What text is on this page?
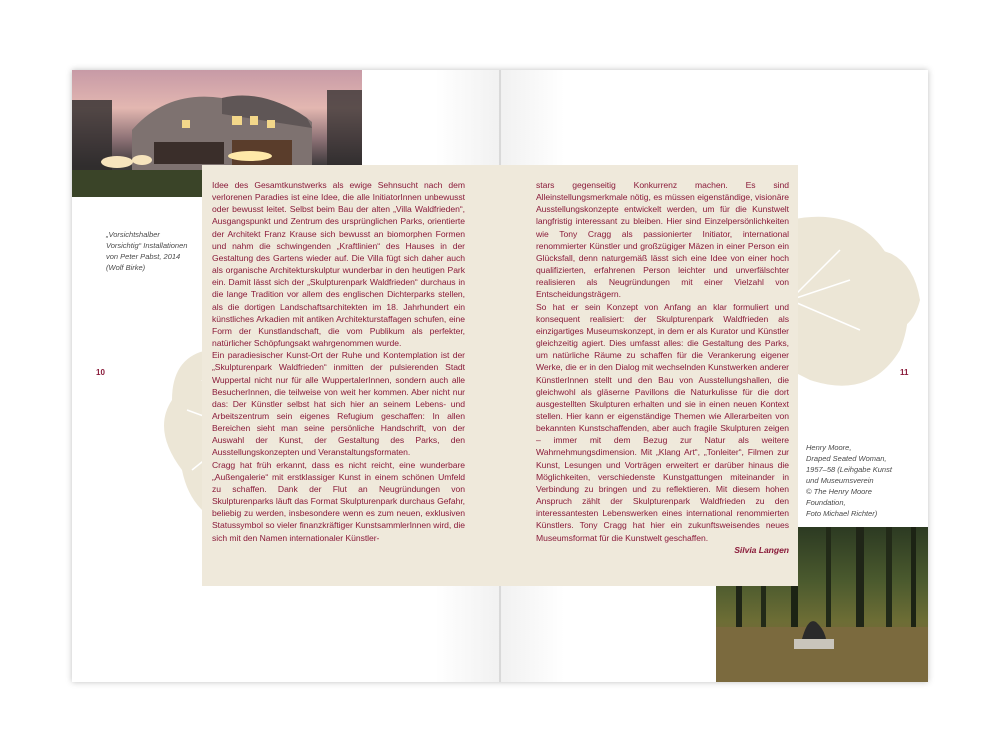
„Vorsichtshalber
Vorsichtig“ Installationen
von Peter Pabst, 2014
(Wolf Birke)
10	11
Henry Moore,
Draped Seated Woman,
1957–58 (Leihgabe Kunst
und Museumsverein
© The Henry Moore
Foundation,
Foto Michael Richter)

Idee des Gesamtkunstwerks als ewige Sehnsucht nach dem verlorenen Paradies ist eine Idee, die alle InitiatorInnen unbewusst oder bewusst leitet. Selbst beim Bau der alten „Villa Waldfrieden“, Ausgangspunkt und Zentrum des ursprünglichen Parks, orientierte der Architekt Franz Krause sich bewusst an biomorphen Formen und nahm die schwingenden „Kraftlinien“ des Hauses in der Gestaltung des Gartens wieder auf. Die Villa fügt sich daher auch als organische Architekturskulptur wunderbar in den heutigen Park ein. Damit lässt sich der „Skulpturenpark Waldfrieden“ durchaus in die lange Tradition vor allem des englischen Dichterparks stellen, als die dortigen Landschaftsarchitekten im 18. Jahrhundert ein künstliches Arkadien mit antiken Architekturstaffagen schufen, eine Form der Kunstlandschaft, die vom Publikum als perfekter, natürlicher Schöpfungsakt wahrgenommen wurde.

Ein paradiesischer Kunst-Ort der Ruhe und Kontemplation ist der „Skulpturenpark Waldfrieden“ inmitten der pulsierenden Stadt Wuppertal nicht nur für alle WuppertalerInnen, sondern auch alle BesucherInnen, die teilweise von weit her kommen. Aber nicht nur das: Der Künstler selbst hat sich hier an seinem Lebens- und Arbeitszentrum sein eigenes Refugium geschaffen: In allen Bereichen sieht man seine persönliche Handschrift, von der Auswahl der Kunst, der Gestaltung des Parks, den Ausstellungskonzepten und Veranstaltungsformaten.

Cragg hat früh erkannt, dass es nicht reicht, eine wunderbare „Außengalerie“ mit erstklassiger Kunst in einem schönen Umfeld zu schaffen. Dank der Flut an Neugründungen von Skulpturenparks läuft das Format Skulpturenpark durchaus Gefahr, beliebig zu werden, insbesondere wenn es zum neuen, exklusiven Statussymbol so vieler finanzkräftiger KunstsammlerInnen wird, die sich mit den Namen internationaler Künstler-

stars gegenseitig Konkurrenz machen. Es sind Alleinstellungsmerkmale nötig, es müssen eigenständige, visionäre Ausstellungskonzepte entwickelt werden, um für die Kunstwelt langfristig interessant zu bleiben. Hier sind Einzelpersönlichkeiten wie Tony Cragg als passionierter Initiator, international renommierter Künstler und großzügiger Mäzen in einer Person ein Glücksfall, denn naturgemäß lässt sich eine Idee von einer hoch qualifizierten, erfahrenen Person leichter und unverfälschter realisieren als Neugründungen mit einer Vielzahl von Entscheidungsträgern.

So hat er sein Konzept von Anfang an klar formuliert und konsequent realisiert: der Skulpturenpark Waldfrieden als einzigartiges Museumskonzept, in dem er als Kurator und Künstler gleichzeitig agiert. Dies umfasst alles: die Gestaltung des Parks, um natürliche Räume zu schaffen für die Verankerung eigener Werke, die er in den Dialog mit wechselnden Kunstwerken anderer KünstlerInnen stellt und den Bau von Ausstellungshallen, die gleichwohl als gläserne Pavillons die Naturkulisse für die dort ausgestellten Skulpturen erhalten und sie in einen neuen Kontext stellen. Hier kann er eigenständige Themen wie Allerarbeiten von bekannten Kunstschaffenden, aber auch fragile Skulpturen zeigen – immer mit dem Bezug zur Natur als weitere Wahrnehmungsdimension. Mit „Klang Art“, „Tonleiter“, Filmen zur Kunst, Lesungen und Vorträgen erweitert er darüber hinaus die Möglichkeiten, verschiedenste Kunstgattungen miteinander in Verbindung zu bringen und zu reflektieren. Mit diesem hohen Anspruch zählt der Skulpturenpark Waldfrieden zu den interessantesten Lebenswerken eines international renommierten Künstlers. Tony Cragg hat hier ein zukunftsweisendes neues Museumsformat für die Kunstwelt geschaffen.

Silvia Langen
